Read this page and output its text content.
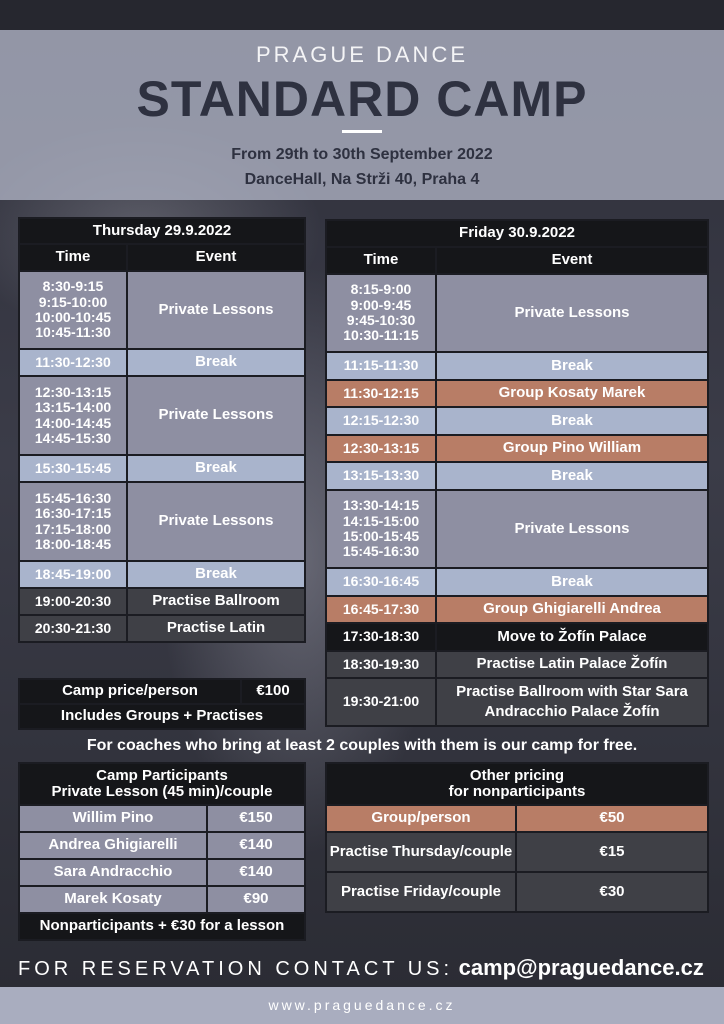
PRAGUE DANCE
STANDARD CAMP
From 29th to 30th September 2022
DanceHall, Na Strži 40, Praha 4
Thursday 29.9.2022	
Time	Event
8:30-9:15
9:15-10:00
10:00-10:45
10:45-11:30	Private Lessons
11:30-12:30	Break
12:30-13:15
13:15-14:00
14:00-14:45
14:45-15:30	Private Lessons
15:30-15:45	Break
15:45-16:30
16:30-17:15
17:15-18:00
18:00-18:45	Private Lessons
18:45-19:00	Break
19:00-20:30	Practise Ballroom
20:30-21:30	Practise Latin
Friday 30.9.2022	
Time	Event
8:15-9:00
9:00-9:45
9:45-10:30
10:30-11:15	Private Lessons
11:15-11:30	Break
11:30-12:15	Group Kosaty Marek
12:15-12:30	Break
12:30-13:15	Group Pino William
13:15-13:30	Break
13:30-14:15
14:15-15:00
15:00-15:45
15:45-16:30	Private Lessons
16:30-16:45	Break
16:45-17:30	Group Ghigiarelli Andrea
17:30-18:30	Move to Žofín Palace
18:30-19:30	Practise Latin Palace Žofín
19:30-21:00	Practise Ballroom with Star Sara Andracchio Palace Žofín
Camp price/person	€100
Includes Groups + Practises
For coaches who bring at least 2 couples with them is our camp for free.
Camp Participants
Private Lesson (45 min)/couple	
Willim Pino	€150
Andrea Ghigiarelli	€140
Sara Andracchio	€140
Marek Kosaty	€90
Nonparticipants + €30 for a lesson	
Other pricing
for nonparticipants	
Group/person	€50
Practise Thursday/couple	€15
Practise Friday/couple	€30
FOR RESERVATION CONTACT US: camp@praguedance.cz
www.praguedance.cz
